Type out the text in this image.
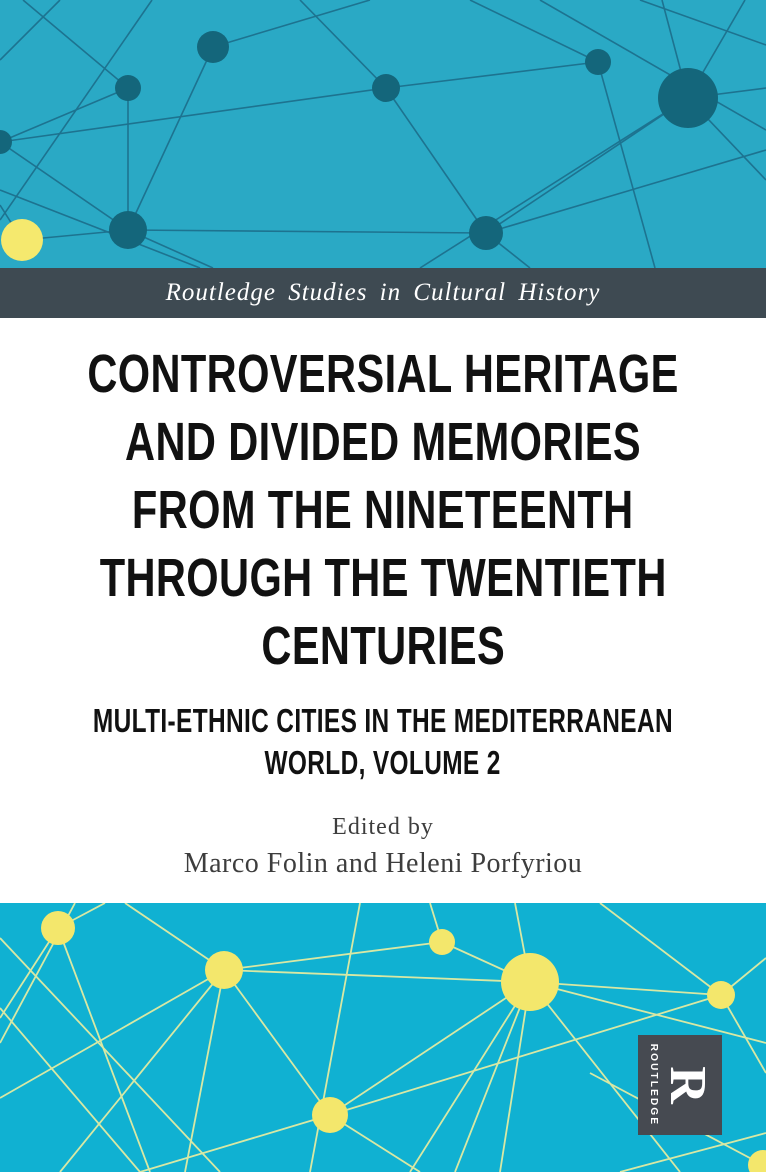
Routledge Studies in Cultural History
CONTROVERSIAL HERITAGE
AND DIVIDED MEMORIES
FROM THE NINETEENTH
THROUGH THE TWENTIETH
CENTURIES
MULTI-ETHNIC CITIES IN THE MEDITERRANEAN
WORLD, VOLUME 2
Edited by
Marco Folin and Heleni Porfyriou
R
ROUTLEDGE
